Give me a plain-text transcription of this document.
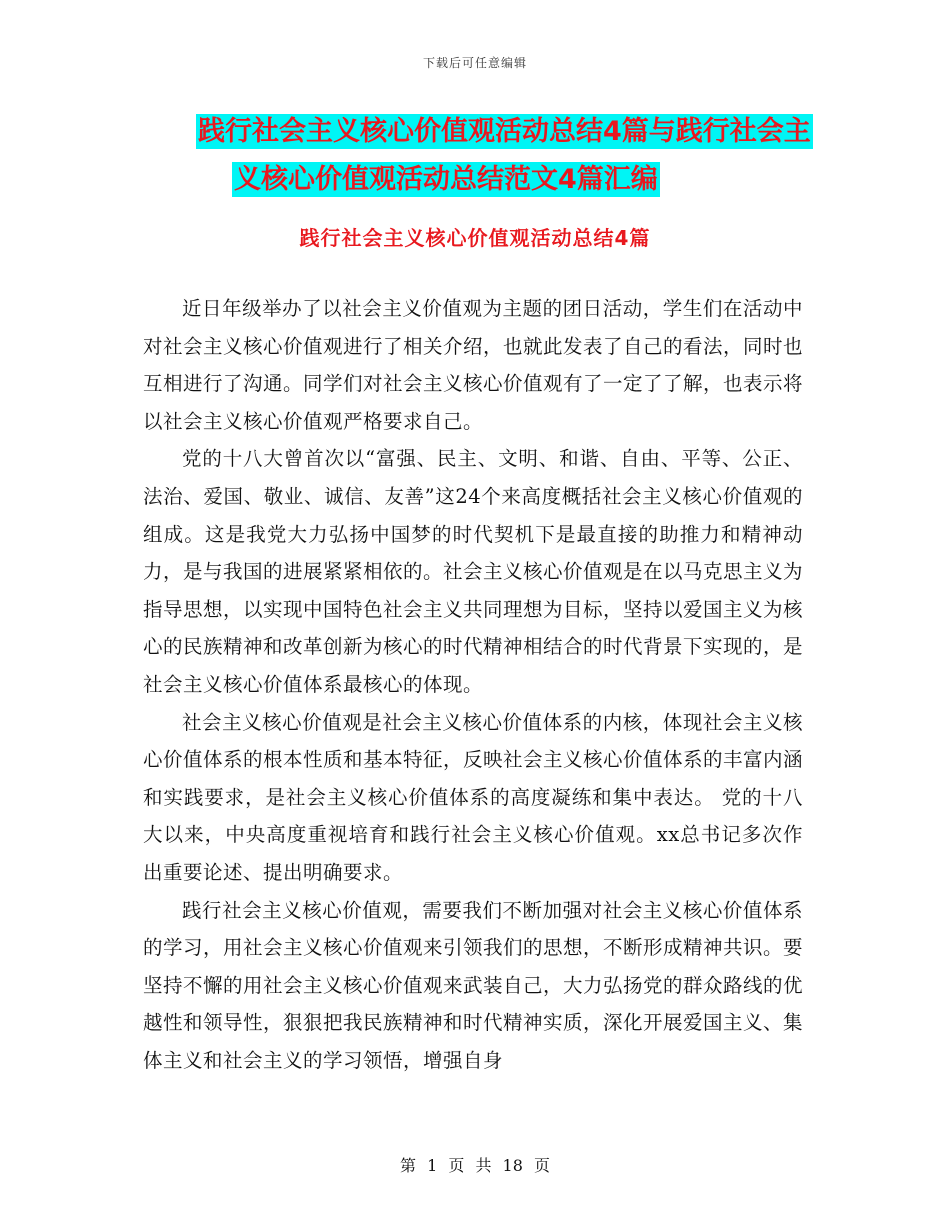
下载后可任意编辑
践行社会主义核心价值观活动总结4篇与践行社会主
义核心价值观活动总结范文4篇汇编
践行社会主义核心价值观活动总结4篇

近日年级举办了以社会主义价值观为主题的团日活动，学生们在活动中对社会主义核心价值观进行了相关介绍，也就此发表了自己的看法，同时也互相进行了沟通。同学们对社会主义核心价值观有了一定了了解，也表示将以社会主义核心价值观严格要求自己。

党的十八大曾首次以“富强、民主、文明、和谐、自由、平等、公正、法治、爱国、敬业、诚信、友善”这24个来高度概括社会主义核心价值观的组成。这是我党大力弘扬中国梦的时代契机下是最直接的助推力和精神动力，是与我国的进展紧紧相依的。社会主义核心价值观是在以马克思主义为指导思想，以实现中国特色社会主义共同理想为目标，坚持以爱国主义为核心的民族精神和改革创新为核心的时代精神相结合的时代背景下实现的，是社会主义核心价值体系最核心的体现。

社会主义核心价值观是社会主义核心价值体系的内核，体现社会主义核心价值体系的根本性质和基本特征，反映社会主义核心价值体系的丰富内涵和实践要求，是社会主义核心价值体系的高度凝练和集中表达。 党的十八大以来，中央高度重视培育和践行社会主义核心价值观。xx总书记多次作出重要论述、提出明确要求。

践行社会主义核心价值观，需要我们不断加强对社会主义核心价值体系的学习，用社会主义核心价值观来引领我们的思想，不断形成精神共识。要坚持不懈的用社会主义核心价值观来武装自己，大力弘扬党的群众路线的优越性和领导性，狠狠把我民族精神和时代精神实质，深化开展爱国主义、集体主义和社会主义的学习领悟，增强自身

第 1 页 共 18 页
